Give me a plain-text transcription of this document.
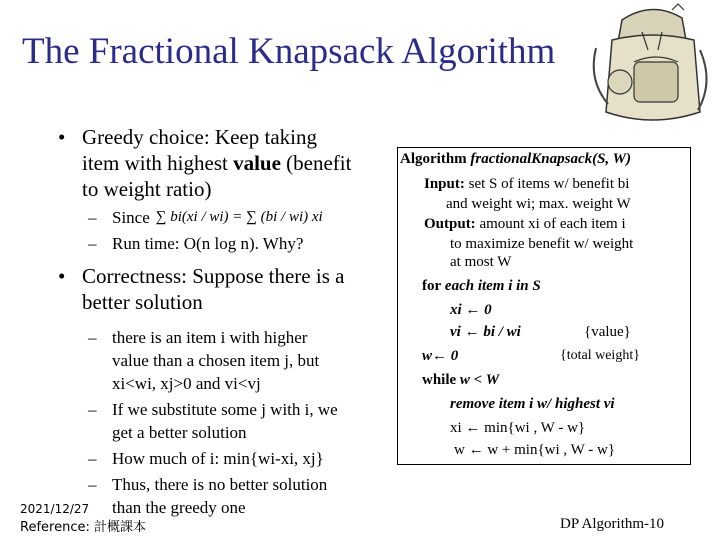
The Fractional Knapsack Algorithm
• Greedy choice: Keep taking
item with highest value (benefit
to weight ratio)
– Since ∑ bi(xi / wi) = ∑ (bi / wi) xi
– Run time: O(n log n). Why?
• Correctness: Suppose there is a
better solution
– there is an item i with higher
value than a chosen item j, but
xi<wi, xj>0 and vi<vj
– If we substitute some j with i, we
get a better solution
– How much of i: min{wi-xi, xj}
– Thus, there is no better solution
than the greedy one
Algorithm fractionalKnapsack(S, W)
Input: set S of items w/ benefit bi
and weight wi; max. weight W
Output: amount xi of each item i
to maximize benefit w/ weight
at most W
for each item i in S
xi ← 0
vi ← bi / wi	{value}
w← 0	{total weight}
while w < W
remove item i w/ highest vi
xi ← min{wi , W - w}
w ← w + min{wi , W - w}
2021/12/27
Reference: 計概課本	DP Algorithm-10
